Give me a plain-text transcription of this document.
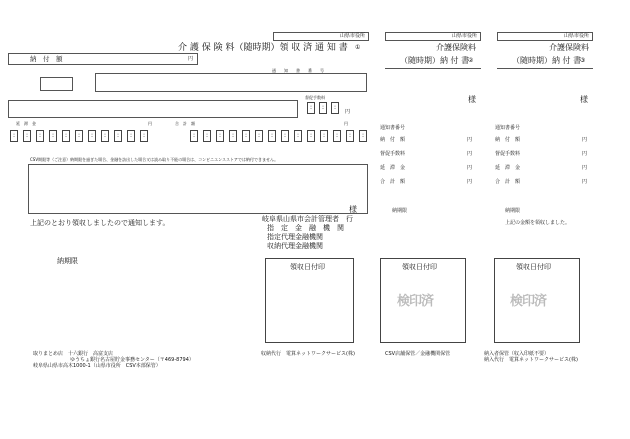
山県市役所
介 護 保 険 料（随時期）領 収 済 通 知 書 ①
納　付　額	円
通　　知　　書　　番　　号
督促手数料
:	:	:
円
延　滞　金	円	合　計　額	円
:	:	:	:	:	:	:	:	:	:	:	:	:	:	:	:	:	:	:	:	:	:	:	:	:
CSV期限等（ご注意）納期限を過ぎた場合、金融を訪出した場合又は読み取り不能の場合は、コンビニエンスストアでは納付できません。
様
上記のとおり領収しましたので通知します。	岐阜県山県市会計管理者　行
指　定　金　融　機　関
指定代理金融機関
収納代理金融機関
納期限
領収日付印
取りまとめ店　十六銀行　高富支店
ゆうちょ銀行名古屋貯金事務センター（〒469-8794）
岐阜県山県市高木1000-1（山県市役所　CSV本部保管）
収納代行　電算ネットワークサービス(株)
山県市役所
介護保険料
（随時期）納 付 書
②
様
通知書番号
納　付　額	円
督促手数料	円
延　滞　金	円
合　計　額	円
納期限
領収日付印
検印済
CSV店舗保管／金融機関保管
山県市役所
介護保険料
（随時期）納 付 書
③
様
通知書番号
納　付　額	円
督促手数料	円
延　滞　金	円
合　計　額	円
納期限
上記の金額を領収しました。
領収日付印
検印済
納入者保管（収入印紙不要）
納入代行　電算ネットワークサービス(株)
